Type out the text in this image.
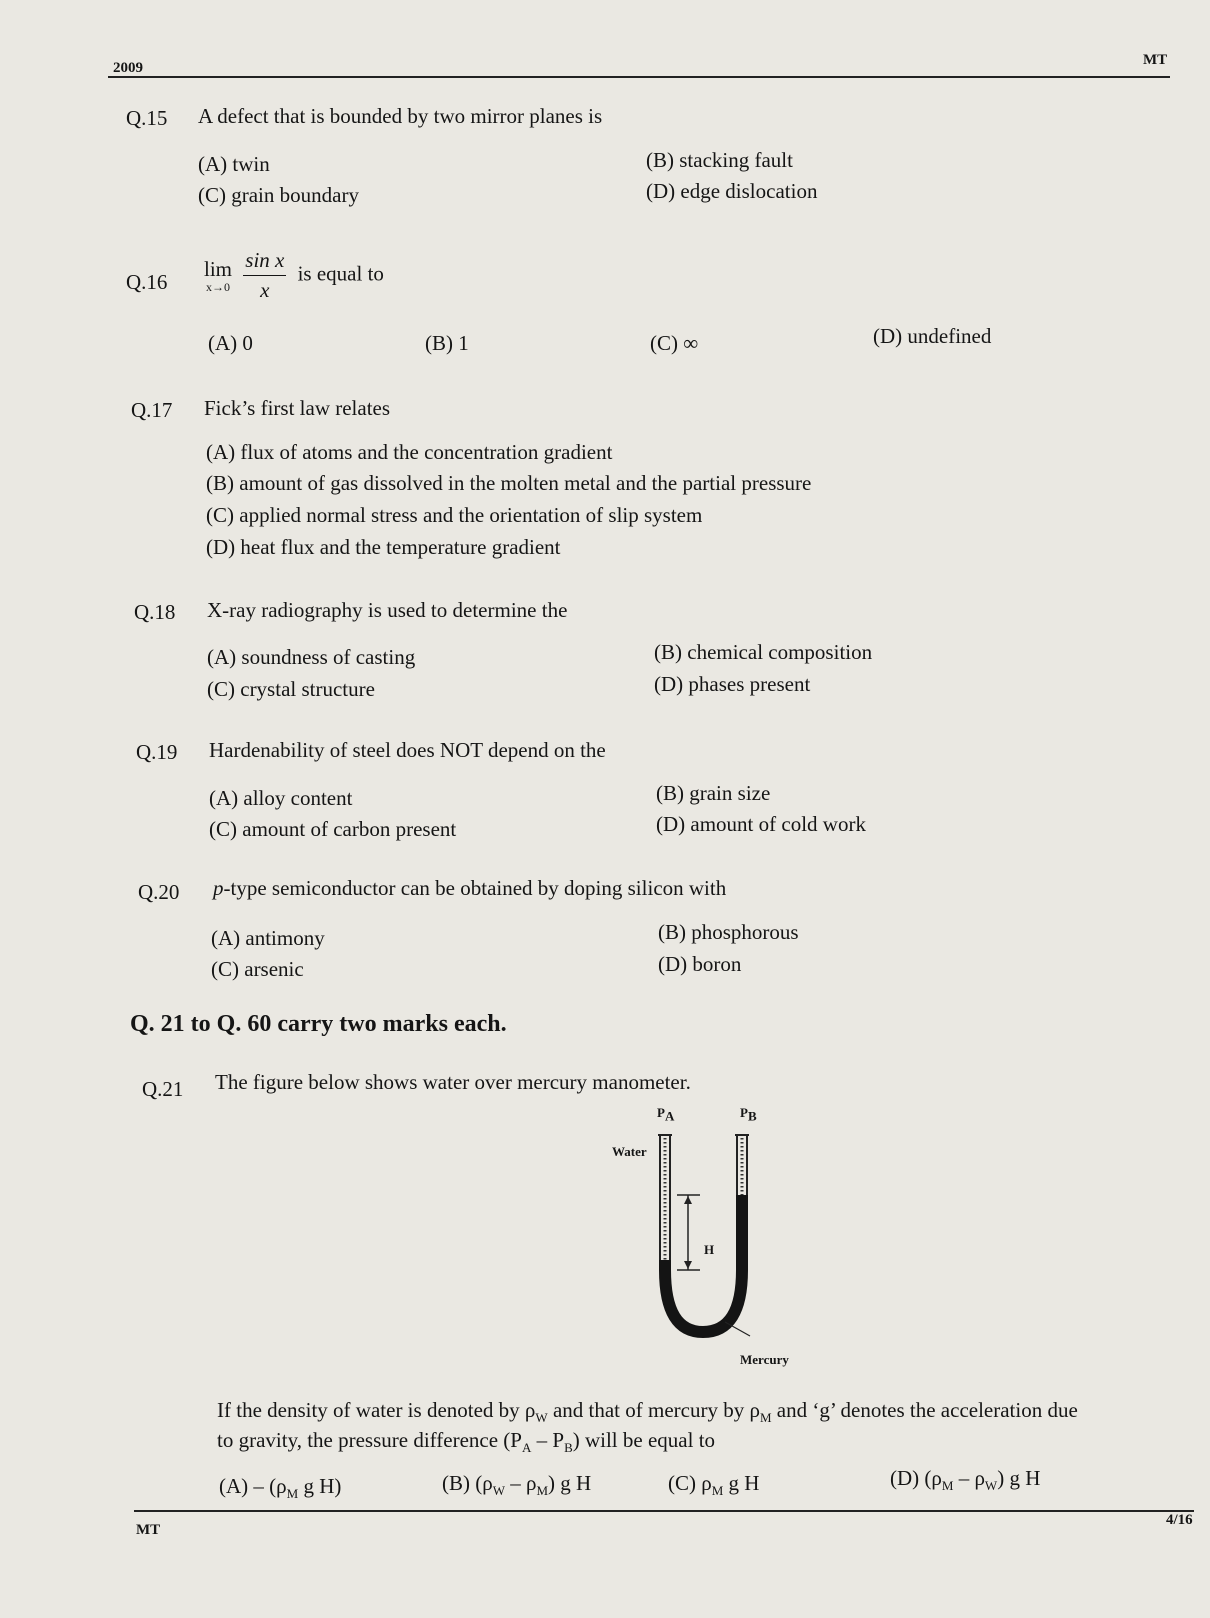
2009	MT
Q.15 A defect that is bounded by two mirror planes is
(A) twin	(B) stacking fault
(C) grain boundary	(D) edge dislocation
Q.16
lim
x→0
$\frac{\text{sin x}}{x}$ is equal to
(A) 0	(B) 1	(C) ∞	(D) undefined
Q.17 Fick’s first law relates
(A) flux of atoms and the concentration gradient
(B) amount of gas dissolved in the molten metal and the partial pressure
(C) applied normal stress and the orientation of slip system
(D) heat flux and the temperature gradient
Q.18 X-ray radiography is used to determine the
(A) soundness of casting	(B) chemical composition
(C) crystal structure	(D) phases present
Q.19 Hardenability of steel does NOT depend on the
(A) alloy content	(B) grain size
(C) amount of carbon present	(D) amount of cold work
Q.20 p-type semiconductor can be obtained by doping silicon with
(A) antimony	(B) phosphorous
(C) arsenic	(D) boron
Q. 21 to Q. 60 carry two marks each.
Q.21 The figure below shows water over mercury manometer.
$P_A$	$P_B$
Water
H
Mercury
If the density of water is denoted by $\rho_W$ and that of mercury by $\rho_M$ and ‘g’ denotes the acceleration due
to gravity, the pressure difference $(P_A - P_B)$ will be equal to
$(A) - (\rho_M$ g H)	(B) $(\rho_W - \rho_M)$ g H	(C) $\rho_M$ g H	(D) $(\rho_M - \rho_W)$ g H
MT
4/16
